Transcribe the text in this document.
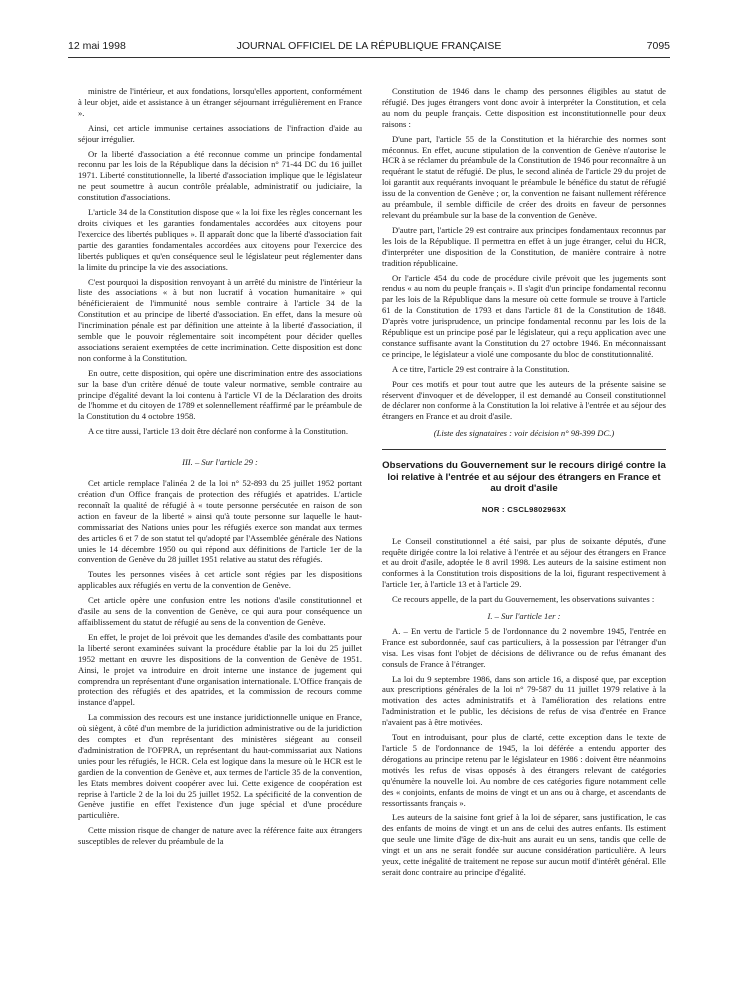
12 mai 1998	JOURNAL OFFICIEL DE LA RÉPUBLIQUE FRANÇAISE	7095

ministre de l'intérieur, et aux fondations, lorsqu'elles apportent, conformément à leur objet, aide et assistance à un étranger séjournant irrégulièrement en France ».

Ainsi, cet article immunise certaines associations de l'infraction d'aide au séjour irrégulier.

Or la liberté d'association a été reconnue comme un principe fondamental reconnu par les lois de la République dans la décision n° 71-44 DC du 16 juillet 1971. Liberté constitutionnelle, la liberté d'association implique que le législateur ne peut soumettre à aucun contrôle préalable, administratif ou judiciaire, la constitution d'associations.

L'article 34 de la Constitution dispose que « la loi fixe les règles concernant les droits civiques et les garanties fondamentales accordées aux citoyens pour l'exercice des libertés publiques ». Il apparaît donc que la liberté d'association fait partie des garanties fondamentales accordées aux citoyens pour l'exercice des libertés publiques et qu'en conséquence seul le législateur peut réglementer dans la limite du principe la vie des associations.

C'est pourquoi la disposition renvoyant à un arrêté du ministre de l'intérieur la liste des associations « à but non lucratif à vocation humanitaire » qui bénéficieraient de l'immunité nous semble contraire à l'article 34 de la Constitution et au principe de liberté d'association. En effet, dans la mesure où l'incrimination pénale est par définition une atteinte à la liberté d'association, il semble que le pouvoir réglementaire soit incompétent pour décider quelles associations seraient exemptées de cette incrimination. Cette disposition est donc non conforme à la Constitution.

En outre, cette disposition, qui opère une discrimination entre des associations sur la base d'un critère dénué de toute valeur normative, semble contraire au principe d'égalité devant la loi contenu à l'article VI de la Déclaration des droits de l'homme et du citoyen de 1789 et solennellement réaffirmé par le préambule de la Constitution du 4 octobre 1958.

A ce titre aussi, l'article 13 doit être déclaré non conforme à la Constitution.

III. – Sur l'article 29 :

Cet article remplace l'alinéa 2 de la loi n° 52-893 du 25 juillet 1952 portant création d'un Office français de protection des réfugiés et apatrides. L'article reconnaît la qualité de réfugié à « toute personne persécutée en raison de son action en faveur de la liberté » ainsi qu'à toute personne sur laquelle le haut-commissariat des Nations unies pour les réfugiés exerce son mandat aux termes des articles 6 et 7 de son statut tel qu'adopté par l'Assemblée générale des Nations unies le 14 décembre 1950 ou qui répond aux définitions de l'article 1er de la convention de Genève du 28 juillet 1951 relative au statut des réfugiés.

Toutes les personnes visées à cet article sont régies par les dispositions applicables aux réfugiés en vertu de la convention de Genève.

Cet article opère une confusion entre les notions d'asile constitutionnel et d'asile au sens de la convention de Genève, ce qui aura pour conséquence un affaiblissement du statut de réfugié au sens de la convention de Genève.

En effet, le projet de loi prévoit que les demandes d'asile des combattants pour la liberté seront examinées suivant la procédure établie par la loi du 25 juillet 1952 mettant en œuvre les dispositions de la convention de Genève de 1951. Ainsi, le projet va introduire en droit interne une instance de jugement qui comprendra un représentant d'une organisation internationale. L'Office français de protection des réfugiés et des apatrides, et la commission de recours comme instance d'appel.

La commission des recours est une instance juridictionnelle unique en France, où siègent, à côté d'un membre de la juridiction administrative ou de la juridiction des comptes et d'un représentant des ministères siégeant au conseil d'administration de l'OFPRA, un représentant du haut-commissariat aux Nations unies pour les réfugiés, le HCR. Cela est logique dans la mesure où le HCR est le gardien de la convention de Genève et, aux termes de l'article 35 de la convention, les Etats membres doivent coopérer avec lui. Cette exigence de coopération est reprise à l'article 2 de la loi du 25 juillet 1952. La spécificité de la convention de Genève justifie en effet l'existence d'un juge spécial et d'une procédure particulière.

Cette mission risque de changer de nature avec la référence faite aux étrangers susceptibles de relever du préambule de la

Constitution de 1946 dans le champ des personnes éligibles au statut de réfugié. Des juges étrangers vont donc avoir à interpréter la Constitution, et cela au nom du peuple français. Cette disposition est inconstitutionnelle pour deux raisons :

D'une part, l'article 55 de la Constitution et la hiérarchie des normes sont méconnus. En effet, aucune stipulation de la convention de Genève n'autorise le HCR à se réclamer du préambule de la Constitution de 1946 pour reconnaître à un requérant le statut de réfugié. De plus, le second alinéa de l'article 29 du projet de loi garantit aux requérants invoquant le préambule le bénéfice du statut de réfugié issu de la convention de Genève ; or, la convention ne faisant nullement référence au préambule, il semble difficile de créer des droits en faveur de personnes relevant du préambule sur la base de la convention de Genève.

D'autre part, l'article 29 est contraire aux principes fondamentaux reconnus par les lois de la République. Il permettra en effet à un juge étranger, celui du HCR, d'interpréter une disposition de la Constitution, de manière contraire à notre tradition républicaine.

Or l'article 454 du code de procédure civile prévoit que les jugements sont rendus « au nom du peuple français ». Il s'agit d'un principe fondamental reconnu par les lois de la République dans la mesure où cette formule se trouve à l'article 61 de la Constitution de 1793 et dans l'article 81 de la Constitution de 1848. D'après votre jurisprudence, un principe fondamental reconnu par les lois de la République est un principe posé par le législateur, qui a reçu application avec une constance suffisante avant la Constitution du 27 octobre 1946. En méconnaissant ce principe, le législateur a violé une composante du bloc de constitutionnalité.

A ce titre, l'article 29 est contraire à la Constitution.

Pour ces motifs et pour tout autre que les auteurs de la présente saisine se réservent d'invoquer et de développer, il est demandé au Conseil constitutionnel de déclarer non conforme à la Constitution la loi relative à l'entrée et au séjour des étrangers en France et au droit d'asile.

(Liste des signataires : voir décision n° 98-399 DC.)

Observations du Gouvernement sur le recours dirigé contre la loi relative à l'entrée et au séjour des étrangers en France et au droit d'asile
NOR : CSCL9802963X

Le Conseil constitutionnel a été saisi, par plus de soixante députés, d'une requête dirigée contre la loi relative à l'entrée et au séjour des étrangers en France et au droit d'asile, adoptée le 8 avril 1998. Les auteurs de la saisine estiment non conformes à la Constitution trois dispositions de la loi, figurant respectivement à l'article 1er, à l'article 13 et à l'article 29.

Ce recours appelle, de la part du Gouvernement, les observations suivantes :

I. – Sur l'article 1er :

A. – En vertu de l'article 5 de l'ordonnance du 2 novembre 1945, l'entrée en France est subordonnée, sauf cas particuliers, à la possession par l'étranger d'un visa. Les visas font l'objet de décisions de délivrance ou de refus émanant des consuls de France à l'étranger.

La loi du 9 septembre 1986, dans son article 16, a disposé que, par exception aux prescriptions générales de la loi n° 79-587 du 11 juillet 1979 relative à la motivation des actes administratifs et à l'amélioration des relations entre l'administration et le public, les décisions de refus de visa d'entrée en France n'avaient pas à être motivées.

Tout en introduisant, pour plus de clarté, cette exception dans le texte de l'article 5 de l'ordonnance de 1945, la loi déférée a entendu apporter des dérogations au principe retenu par le législateur en 1986 : doivent être néanmoins motivés les refus de visas opposés à des étrangers relevant de catégories qu'énumère la nouvelle loi. Au nombre de ces catégories figure notamment celle des « conjoints, enfants de moins de vingt et un ans ou à charge, et ascendants de ressortissants français ».

Les auteurs de la saisine font grief à la loi de séparer, sans justification, le cas des enfants de moins de vingt et un ans de celui des autres enfants. Ils estiment que seule une limite d'âge de dix-huit ans aurait eu un sens, tandis que celle de vingt et un ans ne serait fondée sur aucune considération particulière. A leurs yeux, cette inégalité de traitement ne repose sur aucun motif d'intérêt général. Elle serait donc contraire au principe d'égalité.
